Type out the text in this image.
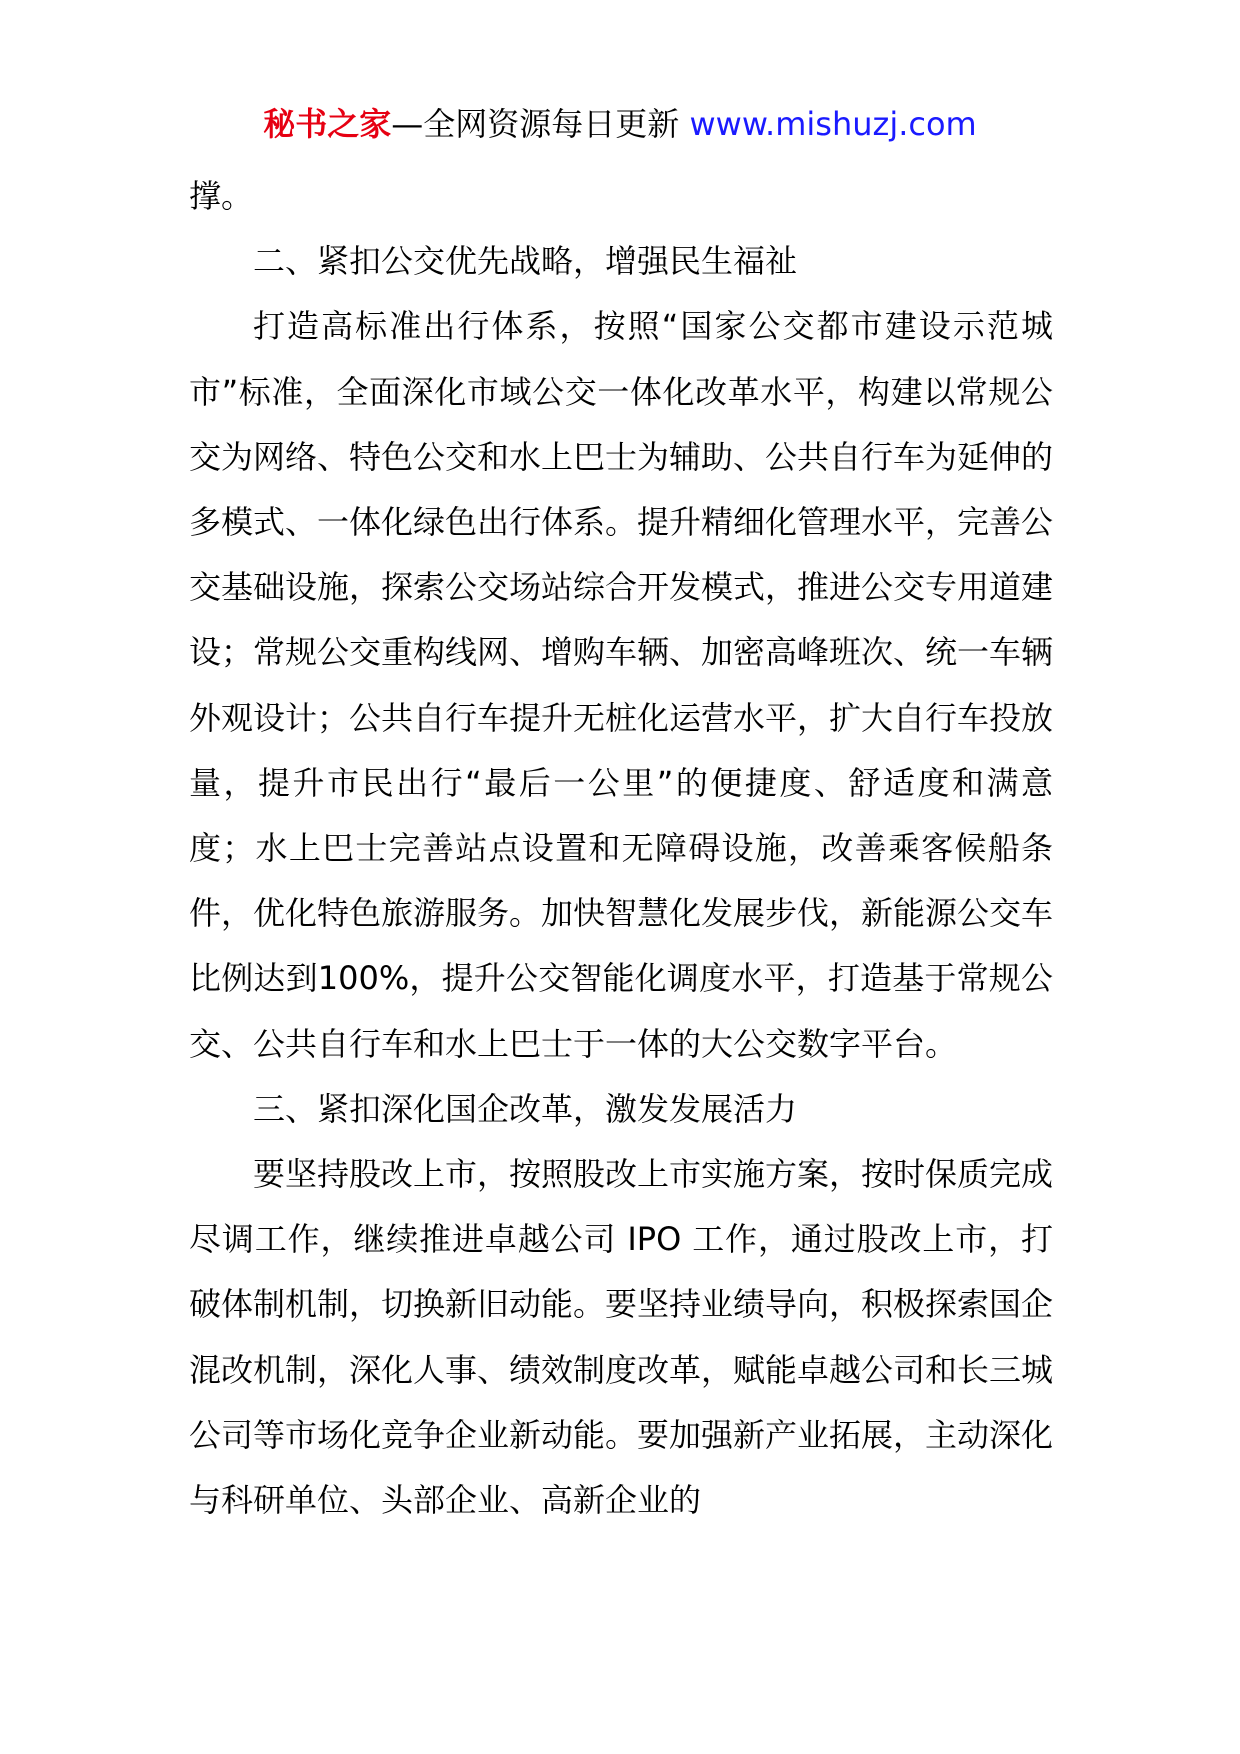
秘书之家—全网资源每日更新 www.mishuzj.com

撑。

二、紧扣公交优先战略，增强民生福祉

打造高标准出行体系，按照“国家公交都市建设示范城市”标准，全面深化市域公交一体化改革水平，构建以常规公交为网络、特色公交和水上巴士为辅助、公共自行车为延伸的多模式、一体化绿色出行体系。提升精细化管理水平，完善公交基础设施，探索公交场站综合开发模式，推进公交专用道建设；常规公交重构线网、增购车辆、加密高峰班次、统一车辆外观设计；公共自行车提升无桩化运营水平，扩大自行车投放量，提升市民出行“最后一公里”的便捷度、舒适度和满意度；水上巴士完善站点设置和无障碍设施，改善乘客候船条件，优化特色旅游服务。加快智慧化发展步伐，新能源公交车比例达到100%，提升公交智能化调度水平，打造基于常规公交、公共自行车和水上巴士于一体的大公交数字平台。

三、紧扣深化国企改革，激发发展活力

要坚持股改上市，按照股改上市实施方案，按时保质完成尽调工作，继续推进卓越公司 IPO 工作，通过股改上市，打破体制机制，切换新旧动能。要坚持业绩导向，积极探索国企混改机制，深化人事、绩效制度改革，赋能卓越公司和长三城公司等市场化竞争企业新动能。要加强新产业拓展，主动深化与科研单位、头部企业、高新企业的
